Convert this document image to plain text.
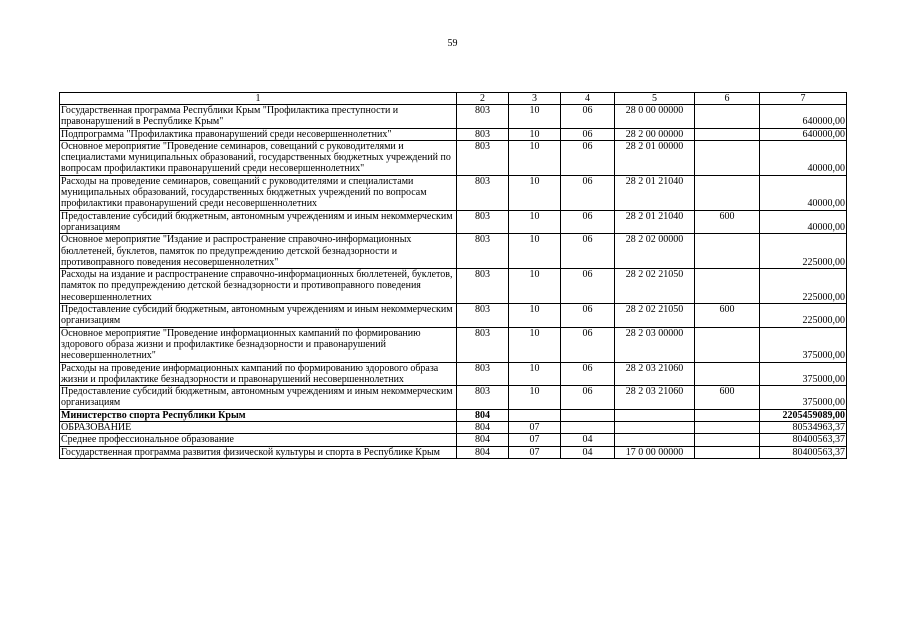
59
1	2	3	4	5	6	7
Государственная программа Республики Крым "Профилактика преступности и правонарушений в Республике Крым"	803	10	06	28 0 00 00000		640000,00
Подпрограмма "Профилактика правонарушений среди несовершеннолетних"	803	10	06	28 2 00 00000		640000,00
Основное мероприятие "Проведение семинаров, совещаний с руководителями и специалистами муниципальных образований, государственных бюджетных учреждений по вопросам профилактики правонарушений среди несовершеннолетних"	803	10	06	28 2 01 00000		40000,00
Расходы на проведение семинаров, совещаний с руководителями и специалистами муниципальных образований, государственных бюджетных учреждений по вопросам профилактики правонарушений среди несовершеннолетних	803	10	06	28 2 01 21040		40000,00
Предоставление субсидий бюджетным, автономным учреждениям и иным некоммерческим организациям	803	10	06	28 2 01 21040	600	40000,00
Основное мероприятие "Издание и распространение справочно-информационных бюллетеней, буклетов, памяток по предупреждению детской безнадзорности и противоправного поведения несовершеннолетних"	803	10	06	28 2 02 00000		225000,00
Расходы на издание и распространение справочно-информационных бюллетеней, буклетов, памяток по предупреждению детской безнадзорности и противоправного поведения несовершеннолетних	803	10	06	28 2 02 21050		225000,00
Предоставление субсидий бюджетным, автономным учреждениям и иным некоммерческим организациям	803	10	06	28 2 02 21050	600	225000,00
Основное мероприятие "Проведение информационных кампаний по формированию здорового образа жизни и профилактике безнадзорности и правонарушений несовершеннолетних"	803	10	06	28 2 03 00000		375000,00
Расходы на проведение информационных кампаний по формированию здорового образа жизни и профилактике безнадзорности и правонарушений несовершеннолетних	803	10	06	28 2 03 21060		375000,00
Предоставление субсидий бюджетным, автономным учреждениям и иным некоммерческим организациям	803	10	06	28 2 03 21060	600	375000,00
Министерство спорта Республики Крым	804					2205459089,00
ОБРАЗОВАНИЕ	804	07				80534963,37
Среднее профессиональное образование	804	07	04			80400563,37
Государственная программа развития физической культуры и спорта в Республике Крым	804	07	04	17 0 00 00000		80400563,37
